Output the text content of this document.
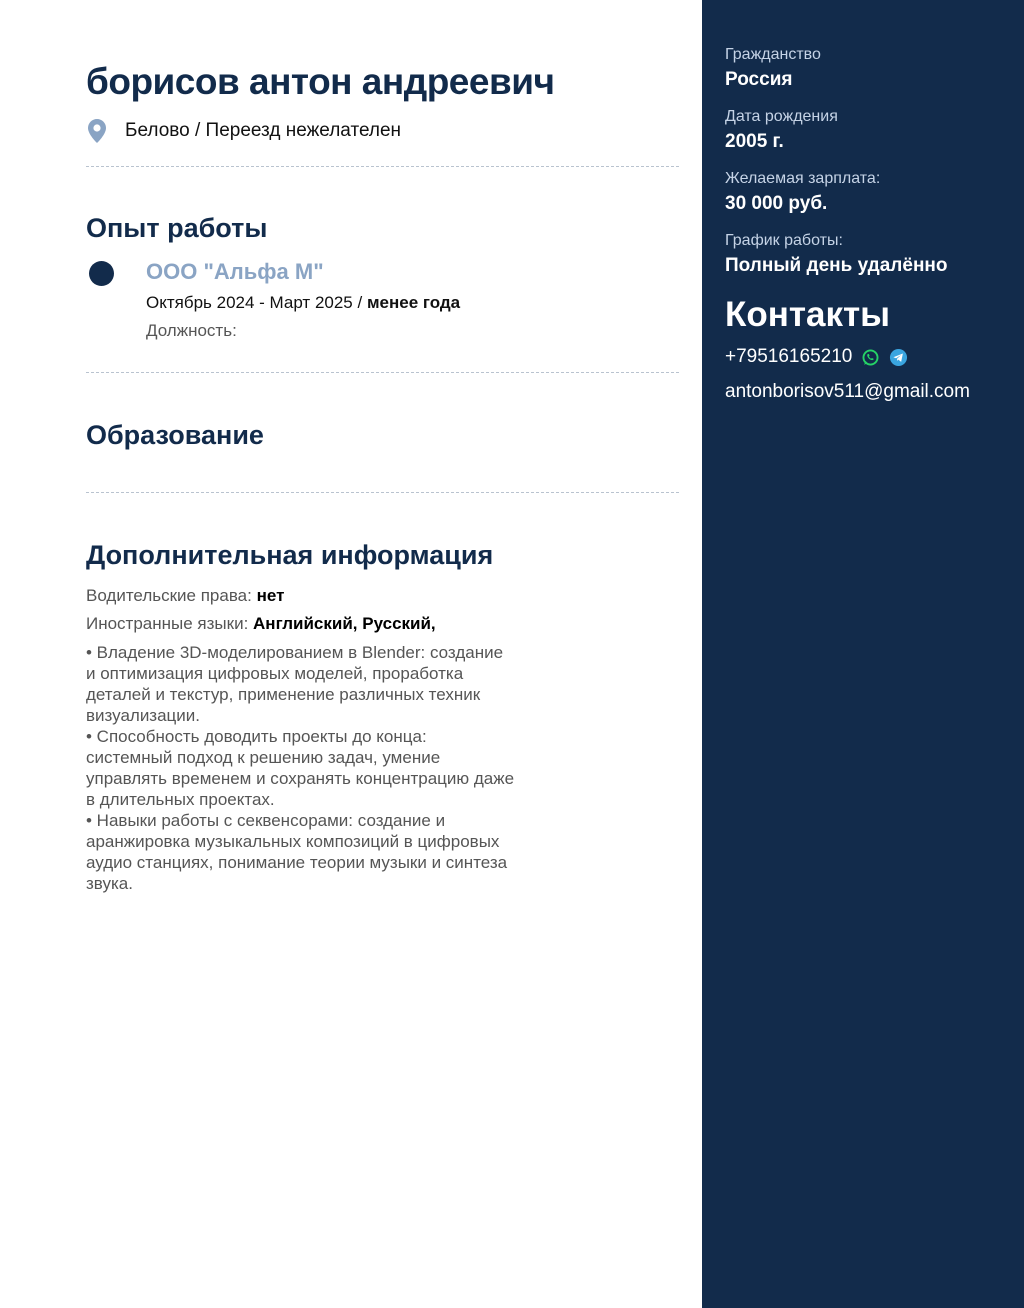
борисов антон андреевич
Белово / Переезд нежелателен
Опыт работы
ООО "Альфа М"
Октябрь 2024 - Март 2025 / менее года
Должность:
Образование
Дополнительная информация
Водительские права: нет
Иностранные языки: Английский, Русский,

• Владение 3D-моделированием в Blender: создание и оптимизация цифровых моделей, проработка деталей и текстур, применение различных техник визуализации.

• Способность доводить проекты до конца: системный подход к решению задач, умение управлять временем и сохранять концентрацию даже в длительных проектах.

• Навыки работы с секвенсорами: создание и аранжировка музыкальных композиций в цифровых аудио станциях, понимание теории музыки и синтеза звука.

Гражданство
Россия
Дата рождения
2005 г.
Желаемая зарплата:
30 000 руб.
График работы:
Полный день удалённо
Контакты
+79516165210
antonborisov511@gmail.com
